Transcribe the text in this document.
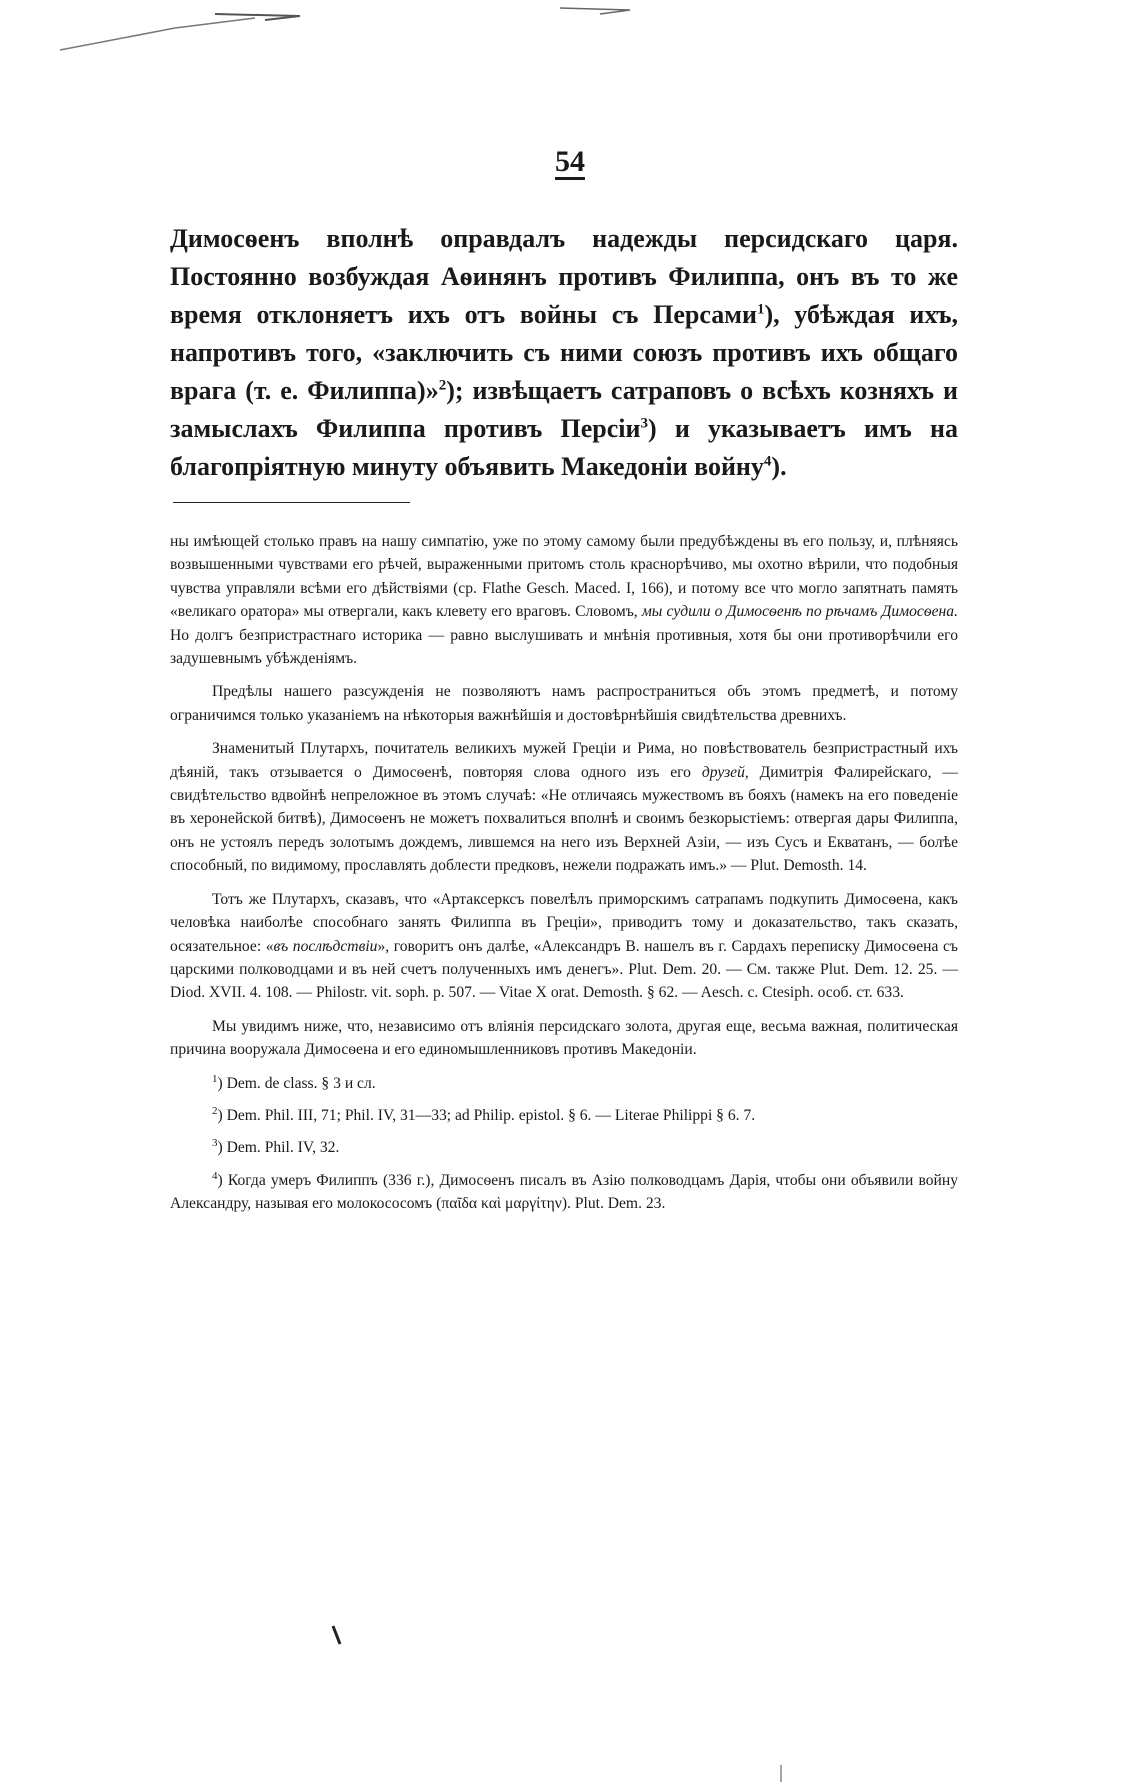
54

Димосѳенъ вполнѣ оправдалъ надежды персидскаго царя. Постоянно возбуждая Аѳинянъ противъ Филиппа, онъ въ то же время отклоняетъ ихъ отъ войны съ Персами$^1$), убѣждая ихъ, напротивъ того, «заключить съ ними союзъ противъ ихъ общаго врага (т. е. Филиппа)»$^2$); извѣщаетъ сатраповъ о всѣхъ козняхъ и замыслахъ Филиппа противъ Персіи$^3$) и указываетъ имъ на благопріятную минуту объявить Македоніи войну$^4$).

ны имѣющей столько правъ на нашу симпатію, уже по этому самому были предубѣждены въ его пользу, и, плѣняясь возвышенными чувствами его рѣчей, выраженными притомъ столь краснорѣчиво, мы охотно вѣрили, что подобныя чувства управляли всѣми его дѣйствіями (ср. Flathe Gesch. Maced. I, 166), и потому все что могло запятнать память «великаго оратора» мы отвергали, какъ клевету его враговъ. Словомъ, мы судили о Димосѳенѣ по рѣчамъ Димосѳена. Но долгъ безпристрастнаго историка — равно выслушивать и мнѣнія противныя, хотя бы они противорѣчили его задушевнымъ убѣжденіямъ.

Предѣлы нашего разсужденія не позволяютъ намъ распространиться объ этомъ предметѣ, и потому ограничимся только указаніемъ на нѣкоторыя важнѣйшія и достовѣрнѣйшія свидѣтельства древнихъ.

Знаменитый Плутархъ, почитатель великихъ мужей Греціи и Рима, но повѣствователь безпристрастный ихъ дѣяній, такъ отзывается о Димосѳенѣ, повторяя слова одного изъ его друзей, Димитрія Фалирейскаго, — свидѣтельство вдвойнѣ непреложное въ этомъ случаѣ: «Не отличаясь мужествомъ въ бояхъ (намекъ на его поведеніе въ херонейской битвѣ), Димосѳенъ не можетъ похвалиться вполнѣ и своимъ безкорыстіемъ: отвергая дары Филиппа, онъ не устоялъ передъ золотымъ дождемъ, лившемся на него изъ Верхней Азіи, — изъ Сусъ и Екватанъ, — болѣе способный, по видимому, прославлять доблести предковъ, нежели подражать имъ.» — Plut. Demosth. 14.

Тотъ же Плутархъ, сказавъ, что «Артаксерксъ повелѣлъ приморскимъ сатрапамъ подкупить Димосѳена, какъ человѣка наиболѣе способнаго занять Филиппа въ Греціи», приводитъ тому и доказательство, такъ сказать, осязательное: «въ послѣдствіи», говоритъ онъ далѣе, «Александръ В. нашелъ въ г. Сардахъ переписку Димосѳена съ царскими полководцами и въ ней счетъ полученныхъ имъ денегъ». Plut. Dem. 20. — См. также Plut. Dem. 12. 25. — Diod. XVII. 4. 108. — Philostr. vit. soph. p. 507. — Vitae X orat. Demosth. § 62. — Aesch. c. Ctesiph. особ. ст. 633.

Мы увидимъ ниже, что, независимо отъ вліянія персидскаго золота, другая еще, весьма важная, политическая причина вооружала Димосѳена и его единомышленниковъ противъ Македоніи.

$^1$) Dem. de class. § 3 и сл.

$^2$) Dem. Phil. III, 71; Phil. IV, 31—33; ad Philip. epistol. § 6. — Literae Philippi § 6. 7.

$^3$) Dem. Phil. IV, 32.

$^4$) Когда умеръ Филиппъ (336 г.), Димосѳенъ писалъ въ Азію полководцамъ Дарія, чтобы они объявили войну Александру, называя его молокососомъ (παῖδα καὶ μαργίτην). Plut. Dem. 23.
